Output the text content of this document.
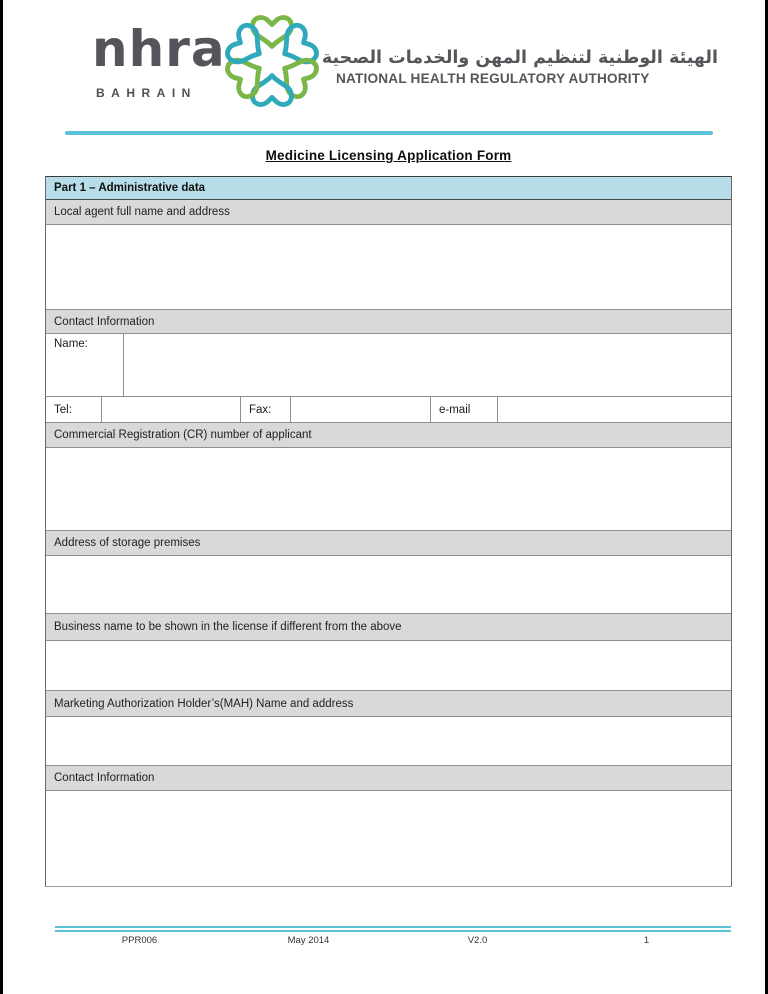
nhra
BAHRAIN
الهيئة الوطنية لتنظيم المهن والخدمات الصحية
NATIONAL HEALTH REGULATORY AUTHORITY
Medicine Licensing Application Form
Part 1 – Administrative data
Local agent full name and address
Contact Information
Name:
Tel:	Fax:	e-mail
Commercial Registration (CR) number of applicant
Address of storage premises
Business name to be shown in the license if different from the above
Marketing Authorization Holder’s(MAH) Name and address
Contact Information
PPR006	May 2014	V2.0	1
